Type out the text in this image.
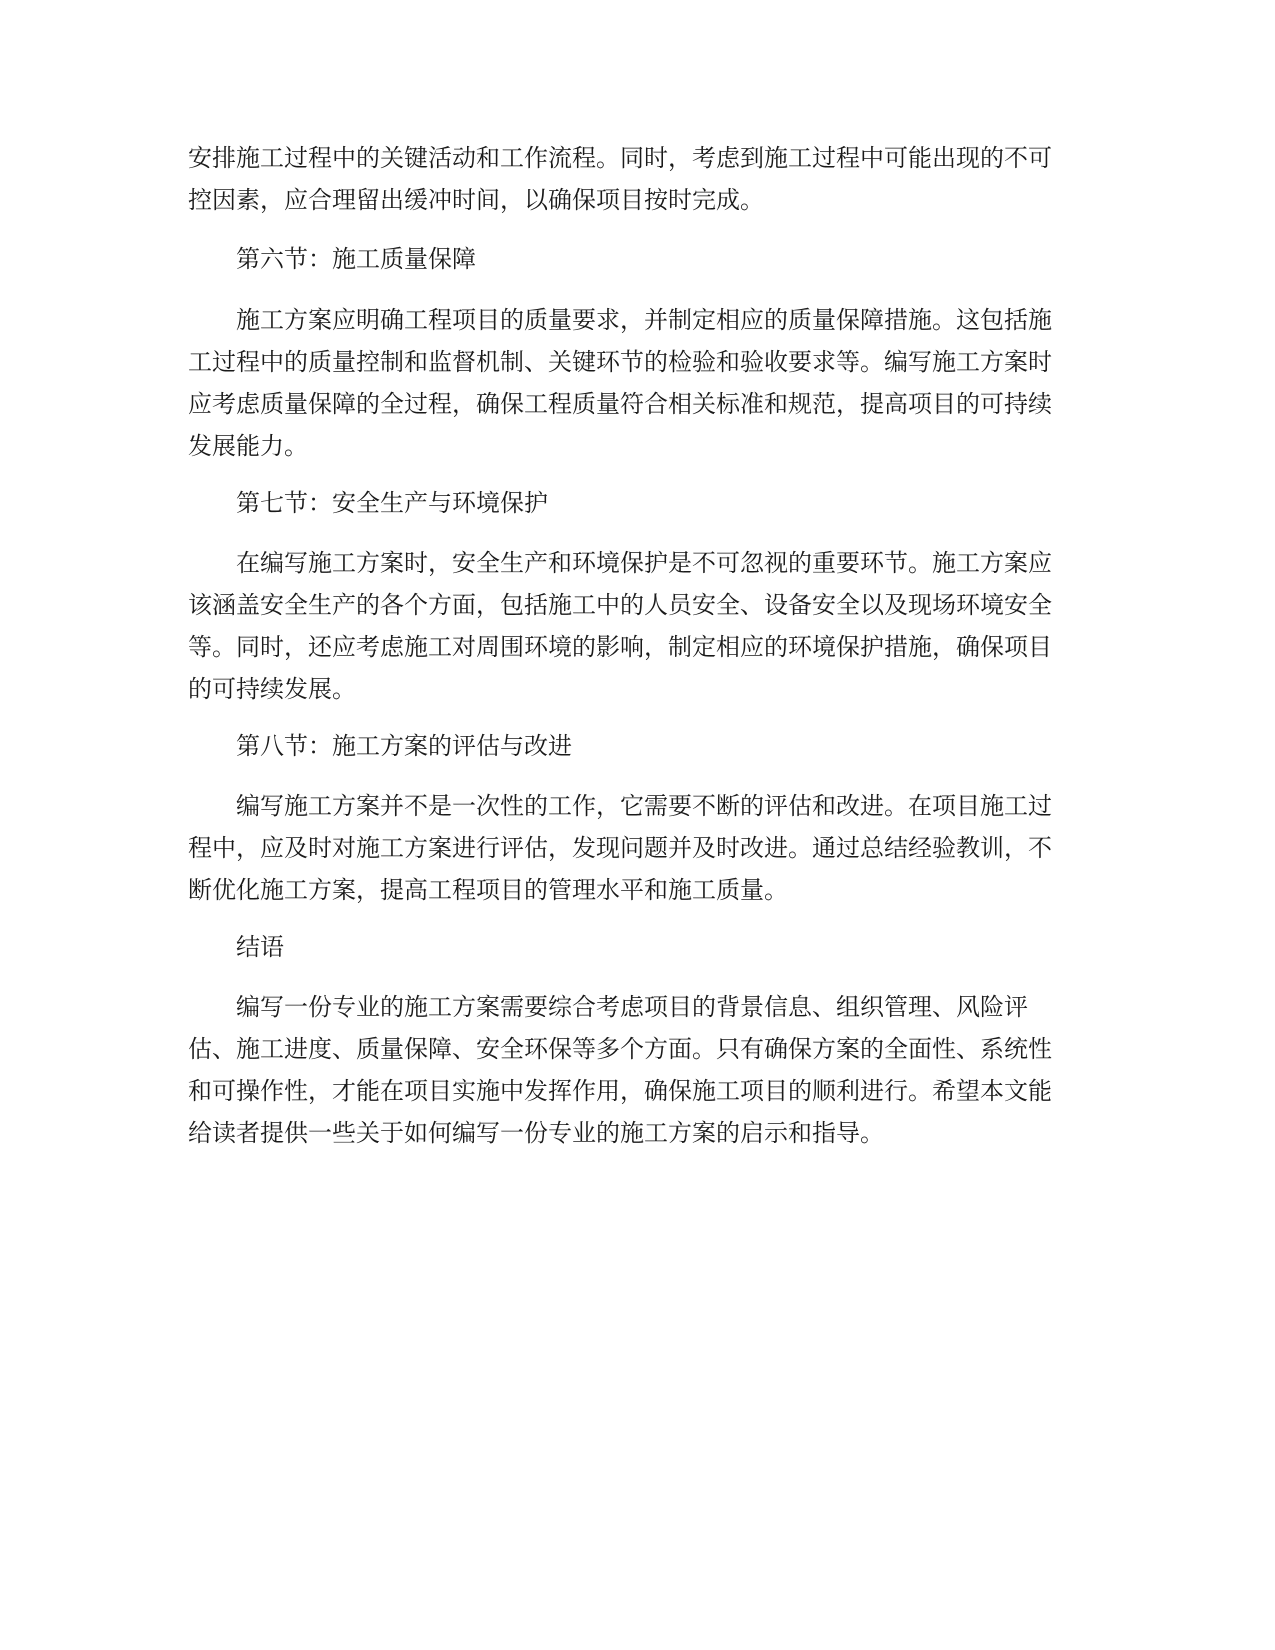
安排施工过程中的关键活动和工作流程。同时，考虑到施工过程中可能出现的不可
控因素，应合理留出缓冲时间，以确保项目按时完成。
第六节：施工质量保障
施工方案应明确工程项目的质量要求，并制定相应的质量保障措施。这包括施
工过程中的质量控制和监督机制、关键环节的检验和验收要求等。编写施工方案时
应考虑质量保障的全过程，确保工程质量符合相关标准和规范，提高项目的可持续
发展能力。
第七节：安全生产与环境保护
在编写施工方案时，安全生产和环境保护是不可忽视的重要环节。施工方案应
该涵盖安全生产的各个方面，包括施工中的人员安全、设备安全以及现场环境安全
等。同时，还应考虑施工对周围环境的影响，制定相应的环境保护措施，确保项目
的可持续发展。
第八节：施工方案的评估与改进
编写施工方案并不是一次性的工作，它需要不断的评估和改进。在项目施工过
程中，应及时对施工方案进行评估，发现问题并及时改进。通过总结经验教训，不
断优化施工方案，提高工程项目的管理水平和施工质量。
结语
编写一份专业的施工方案需要综合考虑项目的背景信息、组织管理、风险评
估、施工进度、质量保障、安全环保等多个方面。只有确保方案的全面性、系统性
和可操作性，才能在项目实施中发挥作用，确保施工项目的顺利进行。希望本文能
给读者提供一些关于如何编写一份专业的施工方案的启示和指导。
